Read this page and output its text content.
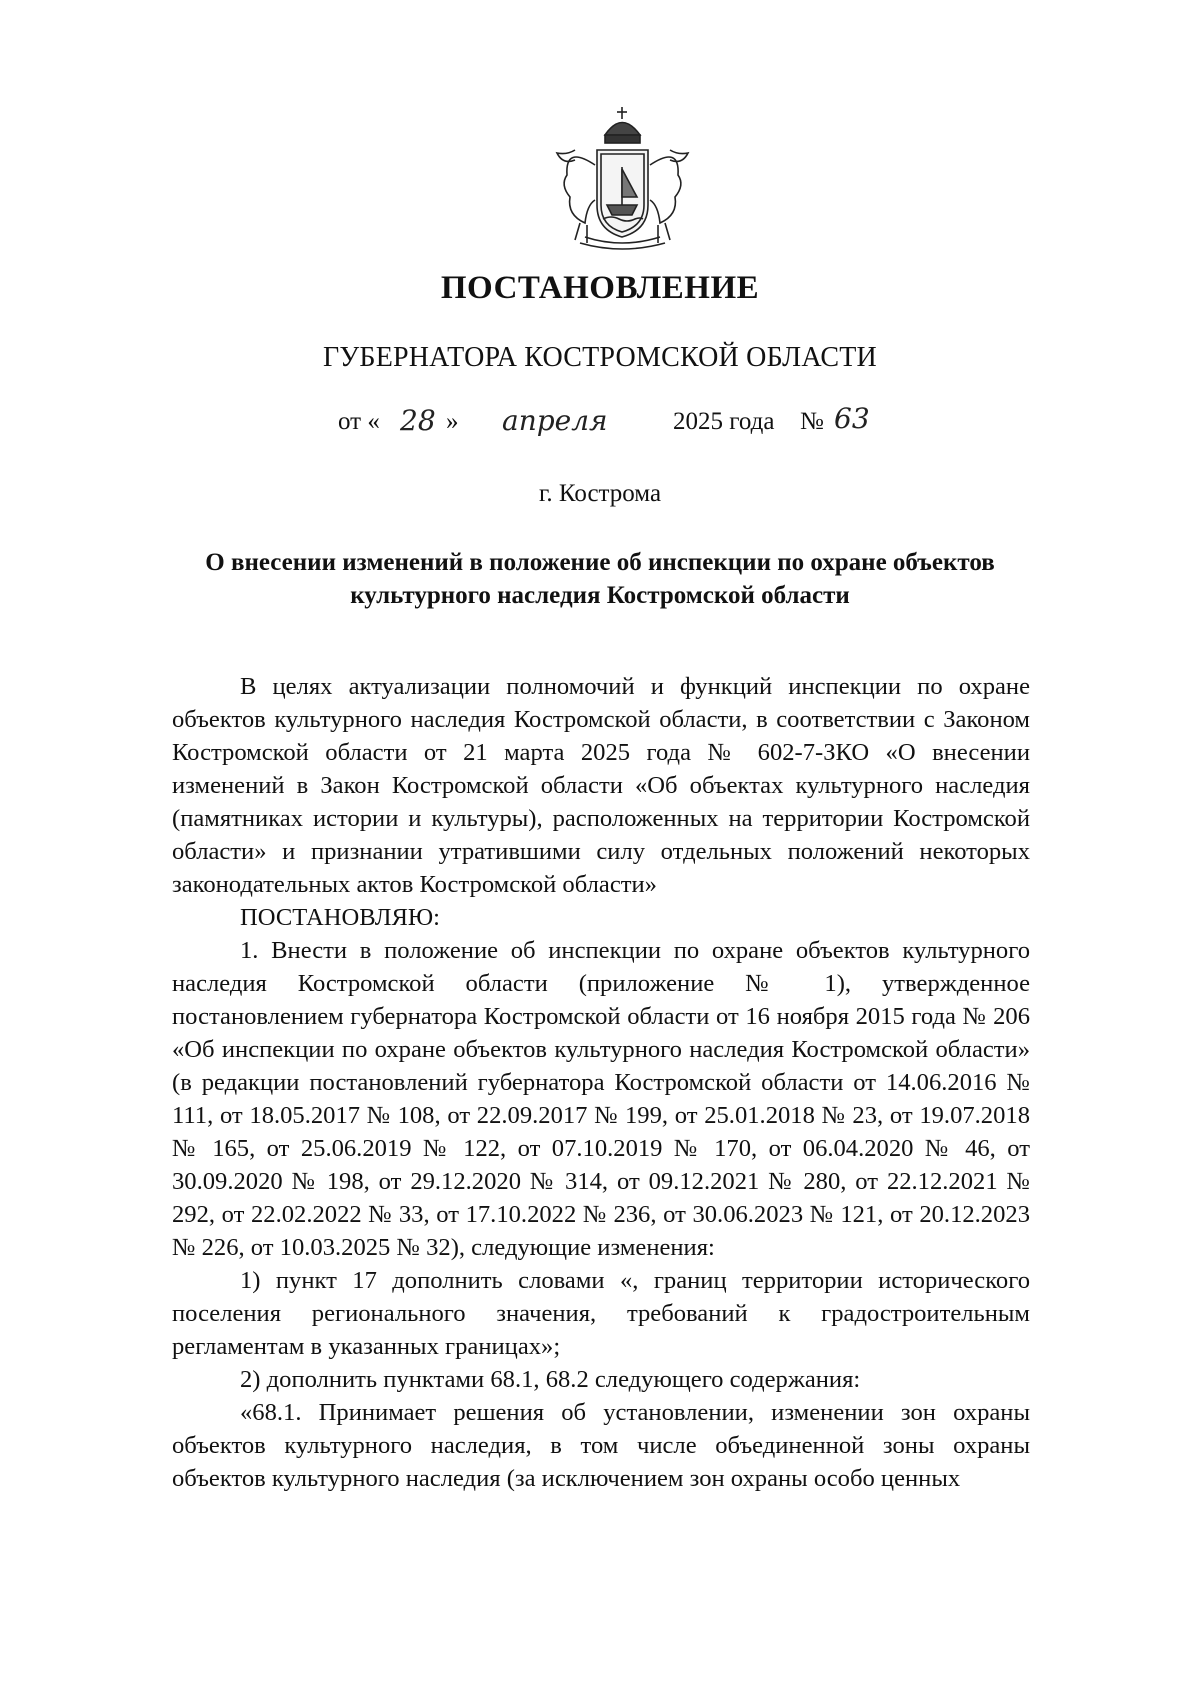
ПОСТАНОВЛЕНИЕ
ГУБЕРНАТОРА КОСТРОМСКОЙ ОБЛАСТИ
от « 28 » апреля	2025 года № 63
г. Кострома
О внесении изменений в положение об инспекции по охране объектов культурного наследия Костромской области

В целях актуализации полномочий и функций инспекции по охране объектов культурного наследия Костромской области, в соответствии с Законом Костромской области от 21 марта 2025 года № 602-7-ЗКО «О внесении изменений в Закон Костромской области «Об объектах культурного наследия (памятниках истории и культуры), расположенных на территории Костромской области» и признании утратившими силу отдельных положений некоторых законодательных актов Костромской области»

ПОСТАНОВЛЯЮ:

1. Внести в положение об инспекции по охране объектов культурного наследия Костромской области (приложение № 1), утвержденное постановлением губернатора Костромской области от 16 ноября 2015 года № 206 «Об инспекции по охране объектов культурного наследия Костромской области» (в редакции постановлений губернатора Костромской области от 14.06.2016 № 111, от 18.05.2017 № 108, от 22.09.2017 № 199, от 25.01.2018 № 23, от 19.07.2018 № 165, от 25.06.2019 № 122, от 07.10.2019 № 170, от 06.04.2020 № 46, от 30.09.2020 № 198, от 29.12.2020 № 314, от 09.12.2021 № 280, от 22.12.2021 № 292, от 22.02.2022 № 33, от 17.10.2022 № 236, от 30.06.2023 № 121, от 20.12.2023 № 226, от 10.03.2025 № 32), следующие изменения:

1) пункт 17 дополнить словами «, границ территории исторического поселения регионального значения, требований к градостроительным регламентам в указанных границах»;

2) дополнить пунктами 68.1, 68.2 следующего содержания:

«68.1. Принимает решения об установлении, изменении зон охраны объектов культурного наследия, в том числе объединенной зоны охраны объектов культурного наследия (за исключением зон охраны особо ценных
